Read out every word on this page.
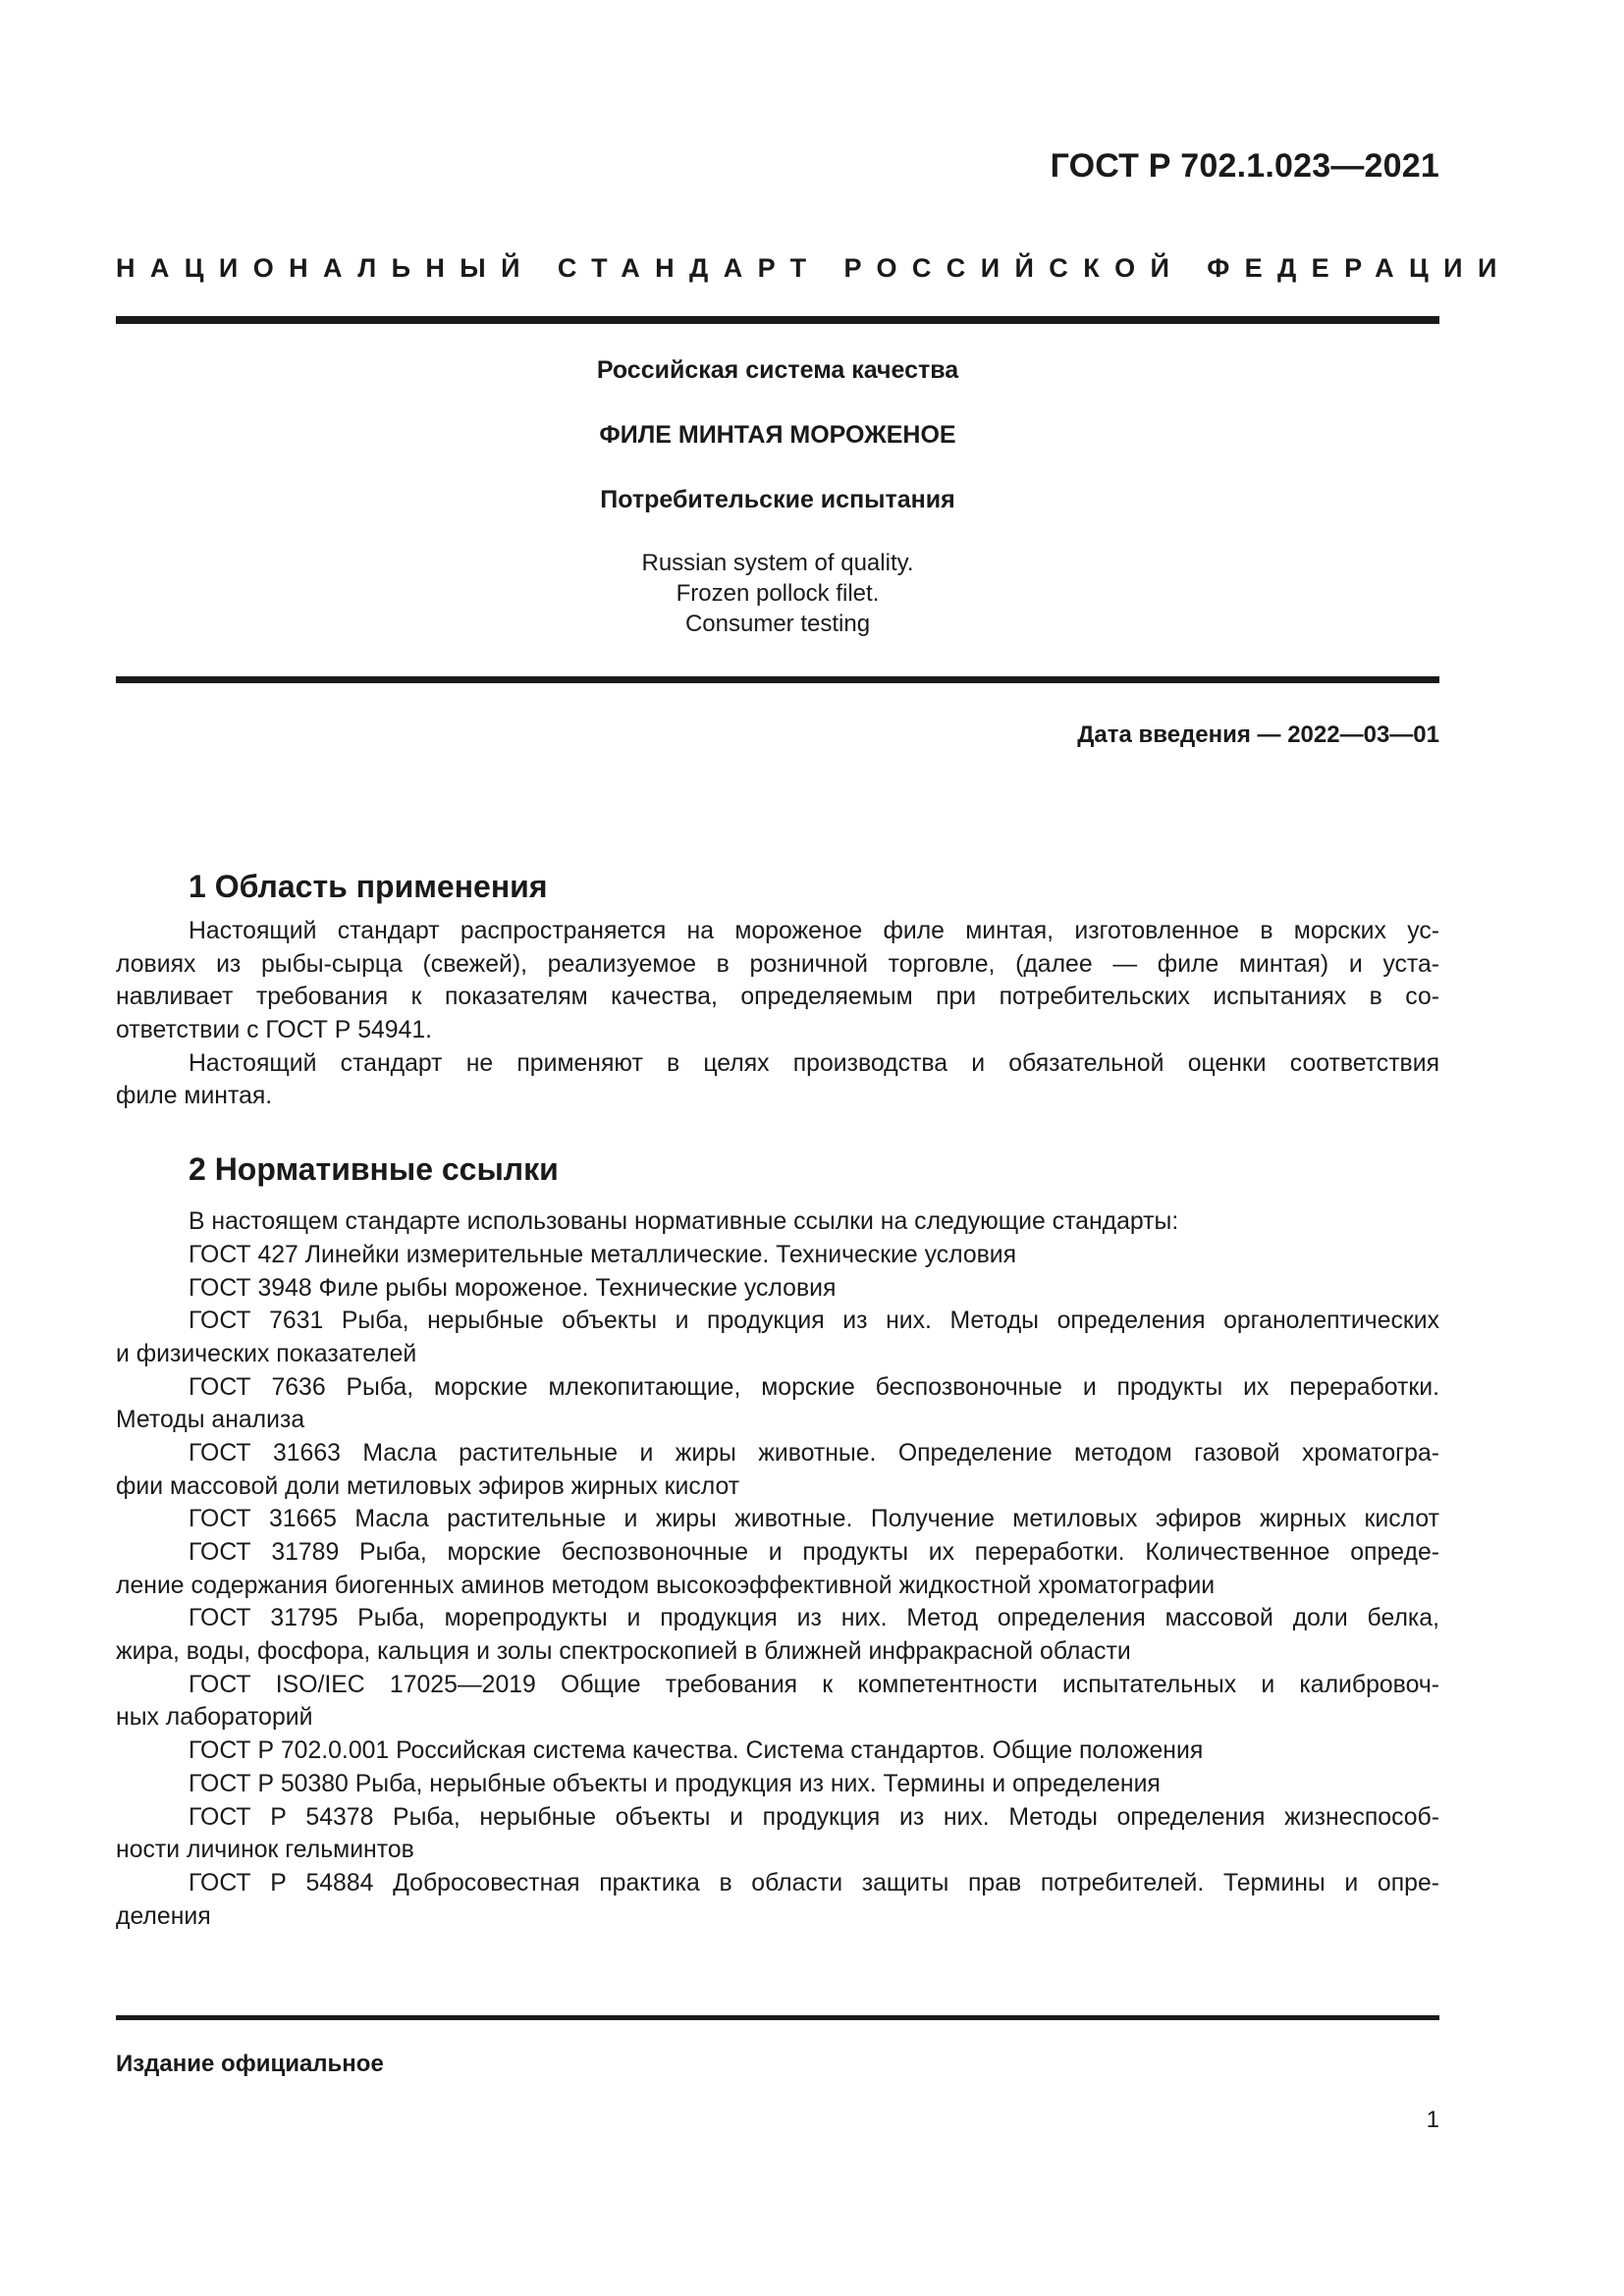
ГОСТ Р 702.1.023—2021
НАЦИОНАЛЬНЫЙ СТАНДАРТ РОССИЙСКОЙ ФЕДЕРАЦИИ
Российская система качества
ФИЛЕ МИНТАЯ МОРОЖЕНОЕ
Потребительские испытания
Russian system of quality.
Frozen pollock filet.
Consumer testing
Дата введения — 2022—03—01
1 Область применения
Настоящий стандарт распространяется на мороженое филе минтая, изготовленное в морских ус-
ловиях из рыбы-сырца (свежей), реализуемое в розничной торговле, (далее — филе минтая) и уста-
навливает требования к показателям качества, определяемым при потребительских испытаниях в со-
ответствии с ГОСТ Р 54941.
Настоящий стандарт не применяют в целях производства и обязательной оценки соответствия
филе минтая.
2 Нормативные ссылки
В настоящем стандарте использованы нормативные ссылки на следующие стандарты:
ГОСТ 427 Линейки измерительные металлические. Технические условия
ГОСТ 3948 Филе рыбы мороженое. Технические условия
ГОСТ 7631 Рыба, нерыбные объекты и продукция из них. Методы определения органолептических
и физических показателей
ГОСТ 7636 Рыба, морские млекопитающие, морские беспозвоночные и продукты их переработки.
Методы анализа
ГОСТ 31663 Масла растительные и жиры животные. Определение методом газовой хроматогра-
фии массовой доли метиловых эфиров жирных кислот
ГОСТ 31665 Масла растительные и жиры животные. Получение метиловых эфиров жирных кислот
ГОСТ 31789 Рыба, морские беспозвоночные и продукты их переработки. Количественное опреде-
ление содержания биогенных аминов методом высокоэффективной жидкостной хроматографии
ГОСТ 31795 Рыба, морепродукты и продукция из них. Метод определения массовой доли белка,
жира, воды, фосфора, кальция и золы спектроскопией в ближней инфракрасной области
ГОСТ ISO/IEC 17025—2019 Общие требования к компетентности испытательных и калибровоч-
ных лабораторий
ГОСТ Р 702.0.001 Российская система качества. Система стандартов. Общие положения
ГОСТ Р 50380 Рыба, нерыбные объекты и продукция из них. Термины и определения
ГОСТ Р 54378 Рыба, нерыбные объекты и продукция из них. Методы определения жизнеспособ-
ности личинок гельминтов
ГОСТ Р 54884 Добросовестная практика в области защиты прав потребителей. Термины и опре-
деления
Издание официальное
1
